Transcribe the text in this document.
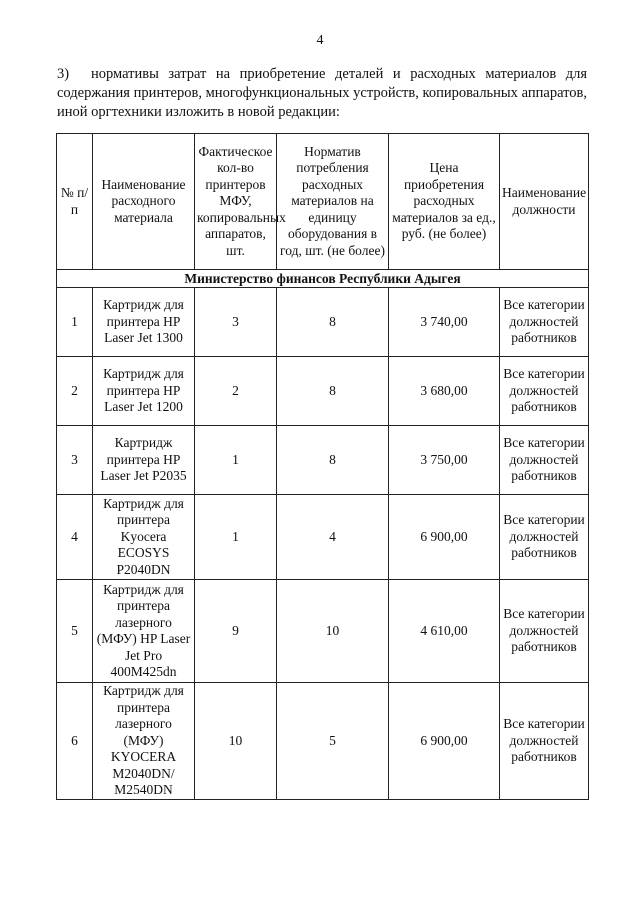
4

3) нормативы затрат на приобретение деталей и расходных материалов для содержания принтеров, многофункциональных устройств, копировальных аппаратов, иной оргтехники изложить в новой редакции:

№ п/п	Наименование расходного материала	Фактическое кол-во принтеров МФУ, копировальных аппаратов, шт.	Норматив потребления расходных материалов на единицу оборудования в год, шт. (не более)	Цена приобретения расходных материалов за ед., руб. (не более)	Наименование должности
Министерство финансов Республики Адыгея					
1	Картридж для принтера HP Laser Jet 1300	3	8	3 740,00	Все категории должностей работников
2	Картридж для принтера HP Laser Jet 1200	2	8	3 680,00	Все категории должностей работников
3	Картридж принтера HP Laser Jet P2035	1	8	3 750,00	Все категории должностей работников
4	Картридж для принтера Kyocera ECOSYS P2040DN	1	4	6 900,00	Все категории должностей работников
5	Картридж для принтера лазерного (МФУ) HP Laser Jet Pro 400M425dn	9	10	4 610,00	Все категории должностей работников
6	Картридж для принтера лазерного (МФУ) KYOCERA M2040DN/ M2540DN	10	5	6 900,00	Все категории должностей работников
